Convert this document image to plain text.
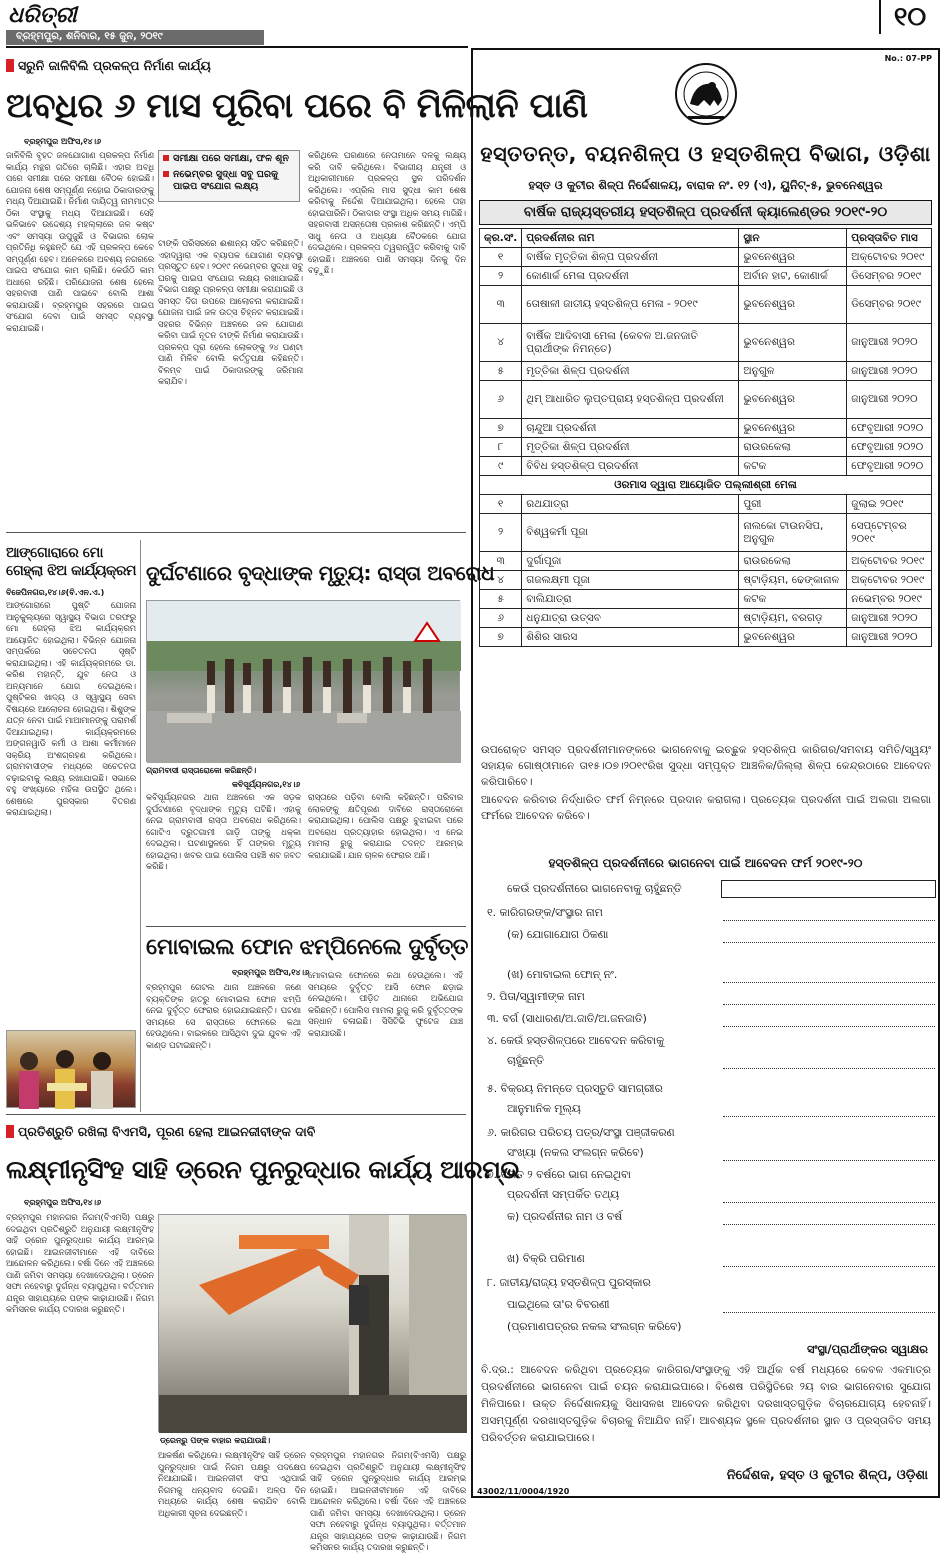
ଧରିତ୍ରୀ
ବ୍ରହ୍ମପୁର, ଶନିବାର, ୧୫ ଜୁନ, ୨୦୧୯
୧୦
ସରୁନି ଜାଳିବିଲି ପ୍ରକଳ୍ପ ନିର୍ମାଣ କାର୍ଯ୍ୟ
ଅବଧିର ୬ ମାସ ପୂରିବା ପରେ ବି ମିଳିଲାନି ପାଣି
ବ୍ରହ୍ମପୁର ଅଫିସ,୧୪।୬
ଜାଳିବିଲି ବୃହତ ଜଳଯୋଗାଣ ପ୍ରକଳ୍ପ ନିର୍ମାଣ କାର୍ଯ୍ୟ ମନ୍ଥର ଗତିରେ ଚାଲିଛି। ଏହାର ଅବଧି ପରେ ସମୀକ୍ଷା ପରେ ସମୀକ୍ଷା ବୈଠକ ହୋଇଛି। ଯୋଜନା ଶେଷ ସମ୍ପୂର୍ଣ୍ଣ ନହୋଇ ଠିକାଦାରଙ୍କୁ ମଧ୍ୟ ଦିଆଯାଇଛି। ନିର୍ମାଣ ଦାୟିତ୍ୱ ନାମମାତ୍ର ଠିକା ସଂସ୍ଥାକୁ ମଧ୍ୟ ଦିଆଯାଇଛି। ସେହି ଭଳିଭାବେ ଉଦ୍ଦେଶ୍ୟ ମହଲ୍ଲାରେ ଜଳ କଷ୍ଟ ଏବଂ ସମସ୍ୟା ଉପୁଜୁଛି ଓ ବିଭାଗର ଲୋକ ପ୍ରତିନିଧି କହୁଛନ୍ତି ଯେ ଏହି ପ୍ରକଳ୍ପ କେବେ ସମ୍ପୂର୍ଣ୍ଣ ହେବ। ଅନେକରେ ଅବଶ୍ୟ ନଗରରେ ପାଇପ ସଂଯୋଗ କାମ ଚାଲିଛି। କେଉଁଠି କାମ ଅଧାରେ ରହିଛି। ପରିଯୋଜନା ଶେଷ ହେଲେ ସହରବାସୀ ପାଣି ପାଇବେ ବୋଲି ଆଶା କରାଯାଉଛି। ବ୍ରହ୍ମପୁର ସହରରେ ପାଇପ ସଂଯୋଗ ଦେବା ପାଇଁ ସମସ୍ତ ବ୍ୟବସ୍ଥା କରାଯାଇଛି।
ସମୀକ୍ଷା ପରେ ସମୀକ୍ଷା, ଫଳ ଶୂନ
ନଭେମ୍ବର ସୁଦ୍ଧା ସବୁ ଘରକୁ ପାଇପ ସଂଯୋଗ ଲକ୍ଷ୍ୟ
ଟାଙ୍କି ପରିସରରେ ଈଶାନ୍ୟ ସହିତ କରିଛନ୍ତି। ଏହାଦ୍ୱାରା ଏକ ବ୍ୟାପକ ଯୋଗାଣ ବ୍ୟବସ୍ଥା ପ୍ରସ୍ତୁତ ହେବ। ୨୦୧୯ ନଭେମ୍ବର ସୁଦ୍ଧା ସବୁ ଘରକୁ ପାଇପ ସଂଯୋଗ ଲକ୍ଷ୍ୟ ରଖାଯାଇଛି। ବିଭାଗ ପକ୍ଷରୁ ପ୍ରକଳ୍ପ ସମୀକ୍ଷା କରାଯାଇଛି ଓ ସମସ୍ତ ଦିଗ ଉପରେ ଆଲୋଚନା କରାଯାଇଛି। ଯୋଜନା ପାଇଁ ଜଳ ଉତ୍ସ ଚିହ୍ନଟ କରାଯାଇଛି। ସହରର ବିଭିନ୍ନ ଅଞ୍ଚଳରେ ଜଳ ଯୋଗାଣ କରିବା ପାଇଁ ନୂତନ ଟାଙ୍କି ନିର୍ମାଣ କରାଯାଉଛି। ପ୍ରକଳ୍ପ ପୂରା ହେଲେ ଲୋକଙ୍କୁ ୨୪ ଘଣ୍ଟା ପାଣି ମିଳିବ ବୋଲି କର୍ତ୍ତୃପକ୍ଷ କହିଛନ୍ତି। ବିଳମ୍ବ ପାଇଁ ଠିକାଦାରଙ୍କୁ ଜରିମାନା କରାଯିବ।
କରିଥିଲେ ଘରଣାରେ ନେତାମାନେ ଦଳକୁ ଲକ୍ଷ୍ୟ କରି ଦାବି କରିଥିଲେ। ବିଭାଗୀୟ ଯନ୍ତ୍ରୀ ଓ ଅଧିକାରୀମାନେ ପ୍ରକଳ୍ପ ସ୍ଥଳ ପରିଦର୍ଶନ କରିଥିଲେ। ଏପ୍ରିଲ ମାସ ସୁଦ୍ଧା କାମ ଶେଷ କରିବାକୁ ନିର୍ଦ୍ଦେଶ ଦିଆଯାଇଥିଲା। ହେଲେ ତାହା ହୋଇପାରିନି। ଠିକାଦାର ସଂସ୍ଥା ଅଧିକ ସମୟ ମାଗିଛି। ସହରବାସୀ ଅସନ୍ତୋଷ ପ୍ରକାଶ କରିଛନ୍ତି। ଏମ୍ପି ସାଧୁ ନେତା ଓ ଅଧ୍ୟକ୍ଷ ବୈଠକରେ ଯୋଗ ଦେଇଥିଲେ। ପ୍ରକଳ୍ପ ତ୍ୱରାନ୍ୱିତ କରିବାକୁ ଦାବି ହୋଇଛି। ଅଞ୍ଚଳରେ ପାଣି ସମସ୍ୟା ଦିନକୁ ଦିନ ବଢ଼ୁଛି।
ଆଙ୍ଗୋରାରେ ମୋ ଗେହ୍ଲା ଝିଅ କାର୍ଯ୍ୟକ୍ରମ
ବିଜେପିନଗର,୧୪।୬(ବି.ଏନ.ଏ.)
ଆଙ୍ଗୋରାରେ ପୁଷ୍ଟି ଯୋଜନା ଆନୁକୁଲ୍ୟରେ ସ୍ୱାସ୍ଥ୍ୟ ବିଭାଗ ତରଫରୁ ମୋ ଗେହ୍ଲା ଝିଅ କାର୍ଯ୍ୟକ୍ରମ ଆୟୋଜିତ ହୋଇଥିଲା। ବିଭିନ୍ନ ଯୋଜନା ସମ୍ପର୍କରେ ସଚେତନତା ସୃଷ୍ଟି କରାଯାଇଥିଲା। ଏହି କାର୍ଯ୍ୟକ୍ରମରେ ଡା. କରିଶ ମହାନ୍ତି, ଯୁବ ନେତା ଓ ଅନ୍ୟମାନେ ଯୋଗ ଦେଇଥିଲେ। ପୁଷ୍ଟିକର ଖାଦ୍ୟ ଓ ସ୍ୱାସ୍ଥ୍ୟ ସେବା ବିଷୟରେ ଆଲୋଚନା ହୋଇଥିଲା। ଶିଶୁଙ୍କ ଯତ୍ନ ନେବା ପାଇଁ ମାଆମାନଙ୍କୁ ପରାମର୍ଶ ଦିଆଯାଇଥିଲା। କାର୍ଯ୍ୟକ୍ରମରେ ଅଙ୍ଗନୱାଡି କର୍ମୀ ଓ ଆଶା କର୍ମୀମାନେ ସକ୍ରିୟ ଅଂଶଗ୍ରହଣ କରିଥିଲେ। ଗ୍ରାମବାସୀଙ୍କ ମଧ୍ୟରେ ସଚେତନତା ବଢ଼ାଇବାକୁ ଲକ୍ଷ୍ୟ ରଖାଯାଇଛି। ସଭାରେ ବହୁ ସଂଖ୍ୟାରେ ମହିଳା ଉପସ୍ଥିତ ଥିଲେ। ଶେଷରେ ପୁରସ୍କାର ବିତରଣ କରାଯାଇଥିଲା।
ଦୁର୍ଘଟଣାରେ ବୃଦ୍ଧାଙ୍କ ମୃତ୍ୟୁ: ରାସ୍ତା ଅବରୋଧ
ଗ୍ରାମବାସୀ ରାସ୍ତାରୋକୋ କରିଛନ୍ତି।
କବିସୂର୍ଯ୍ୟନଗର,୧୪।୬
କବିସୂର୍ଯ୍ୟନଗର ଥାନା ଅଞ୍ଚଳରେ ଏକ ସଡ଼କ ଦୁର୍ଘଟଣାରେ ବୃଦ୍ଧାଙ୍କ ମୃତ୍ୟୁ ଘଟିଛି। ଏହାକୁ ନେଇ ଗ୍ରାମବାସୀ ରାସ୍ତା ଅବରୋଧ କରିଥିଲେ। ଗୋଟିଏ ଦ୍ରୁତଗାମୀ ଗାଡ଼ି ତାଙ୍କୁ ଧକ୍କା ଦେଇଥିଲା। ଘଟଣାସ୍ଥଳରେ ହିଁ ତାଙ୍କର ମୃତ୍ୟୁ ହୋଇଥିଲା। ଖବର ପାଇ ପୋଲିସ ପହଞ୍ଚି ଶବ ଜବତ କରିଛି।
ରାସ୍ତାରେ ପଡ଼ିବା ବୋଲି କହିଛନ୍ତି। ପରିବାର ଲୋକଙ୍କୁ କ୍ଷତିପୂରଣ ଦାବିରେ ରାସ୍ତାରୋକୋ କରାଯାଇଥିଲା। ପୋଲିସ ପକ୍ଷରୁ ବୁଝାଇବା ପରେ ଅବରୋଧ ପ୍ରତ୍ୟାହାର ହୋଇଥିଲା। ଏ ନେଇ ମାମଲା ରୁଜୁ କରାଯାଇ ତଦନ୍ତ ଆରମ୍ଭ କରାଯାଇଛି। ଯାନ ଚାଳକ ଫେରାର ଅଛି।
ମୋବାଇଲ ଫୋନ ଝମ୍ପିନେଲେ ଦୁର୍ବୃତ୍ତ
ବ୍ରହ୍ମପୁର ଅଫିସ,୧୪।୬
ବ୍ରହ୍ମପୁର ଗେଟଲ ଥାନା ଅଞ୍ଚଳରେ ଜଣେ ବ୍ୟକ୍ତିଙ୍କ ହାତରୁ ମୋବାଇଲ ଫୋନ ଝମ୍ପି ନେଇ ଦୁର୍ବୃତ୍ତ ଫେରାର ହୋଇଯାଇଛନ୍ତି। ଘଟଣା ସମୟରେ ସେ ରାସ୍ତାରେ ଫୋନରେ କଥା ହେଉଥିଲେ। ବାଇକରେ ଆସିଥିବା ଦୁଇ ଯୁବକ ଏହି କାଣ୍ଡ ଘଟାଇଛନ୍ତି।
ମୋବାଇଲ ଫୋନରେ କଥା ହେଉଥିଲେ। ଏହି ସମୟରେ ଦୁର୍ବୃତ୍ତ ଆସି ଫୋନ ଛଡ଼ାଇ ନେଇଥିଲେ। ପୀଡ଼ିତ ଥାନାରେ ଅଭିଯୋଗ କରିଛନ୍ତି। ପୋଲିସ ମାମଲା ରୁଜୁ କରି ଦୁର୍ବୃତ୍ତଙ୍କ ସନ୍ଧାନ ଚଳାଇଛି। ସିସିଟିଭି ଫୁଟେଜ ଯାଞ୍ଚ କରାଯାଉଛି।
ପ୍ରତିଶ୍ରୁତି ରଖିଲା ବିଏମସି, ପୂରଣ ହେଲା ଆଇନଜୀବୀଙ୍କ ଦାବି
ଲକ୍ଷ୍ମୀନୃସିଂହ ସାହି ଡ୍ରେନ ପୁନରୁଦ୍ଧାର କାର୍ଯ୍ୟ ଆରମ୍ଭ
ବ୍ରହ୍ମପୁର ଅଫିସ,୧୪।୬
ବ୍ରହ୍ମପୁର ମହାନଗର ନିଗମ(ବିଏମସି) ପକ୍ଷରୁ ଦେଇଥିବା ପ୍ରତିଶ୍ରୁତି ଅନୁଯାୟୀ ଲକ୍ଷ୍ମୀନୃସିଂହ ସାହି ଡ୍ରେନ ପୁନରୁଦ୍ଧାର କାର୍ଯ୍ୟ ଆରମ୍ଭ ହୋଇଛି। ଆଇନଜୀବୀମାନେ ଏହି ଦାବିରେ ଆନ୍ଦୋଳନ କରିଥିଲେ। ବର୍ଷା ଦିନେ ଏହି ଅଞ୍ଚଳରେ ପାଣି ଜମିବା ସମସ୍ୟା ଦେଖାଦେଉଥିଲା। ଡ୍ରେନ ସଫା ନହେବାରୁ ଦୁର୍ଗନ୍ଧ ବ୍ୟାପୁଥିଲା। ବର୍ତ୍ତମାନ ଯନ୍ତ୍ର ସାହାଯ୍ୟରେ ପଙ୍କ କାଢ଼ାଯାଉଛି। ନିଗମ କମିସନର କାର୍ଯ୍ୟ ତଦାରଖ କରୁଛନ୍ତି।
ଡ୍ରେନ୍ରୁ ପଙ୍କ ବାହାର କରାଯାଉଛି।
ଆକର୍ଷଣ କରିଥିଲେ। ଲକ୍ଷ୍ମୀନୃସିଂହ ସାହି ଡ୍ରେନ ପୁନରୁଦ୍ଧାର ପାଇଁ ନିଗମ ପକ୍ଷରୁ ପଦକ୍ଷେପ ନିଆଯାଇଛି। ଆଇନଜୀବୀ ସଂଘ ଏଥିପାଇଁ ନିଗମକୁ ଧନ୍ୟବାଦ ଦେଇଛି। ଅଳ୍ପ ଦିନ ମଧ୍ୟରେ କାର୍ଯ୍ୟ ଶେଷ କରାଯିବ ବୋଲି ଅଧିକାରୀ ସୂଚନା ଦେଇଛନ୍ତି।
ବ୍ରହ୍ମପୁର ମହାନଗର ନିଗମ(ବିଏମସି) ପକ୍ଷରୁ ଦେଇଥିବା ପ୍ରତିଶ୍ରୁତି ଅନୁଯାୟୀ ଲକ୍ଷ୍ମୀନୃସିଂହ ସାହି ଡ୍ରେନ ପୁନରୁଦ୍ଧାର କାର୍ଯ୍ୟ ଆରମ୍ଭ ହୋଇଛି। ଆଇନଜୀବୀମାନେ ଏହି ଦାବିରେ ଆନ୍ଦୋଳନ କରିଥିଲେ। ବର୍ଷା ଦିନେ ଏହି ଅଞ୍ଚଳରେ ପାଣି ଜମିବା ସମସ୍ୟା ଦେଖାଦେଉଥିଲା। ଡ୍ରେନ ସଫା ନହେବାରୁ ଦୁର୍ଗନ୍ଧ ବ୍ୟାପୁଥିଲା। ବର୍ତ୍ତମାନ ଯନ୍ତ୍ର ସାହାଯ୍ୟରେ ପଙ୍କ କାଢ଼ାଯାଉଛି। ନିଗମ କମିସନର କାର୍ଯ୍ୟ ତଦାରଖ କରୁଛନ୍ତି।
No.: 07-PP
ହସ୍ତତନ୍ତ, ବୟନଶିଳ୍ପ ଓ ହସ୍ତଶିଳ୍ପ ବିଭାଗ, ଓଡ଼ିଶା
ହସ୍ତ ଓ କୁଟୀର ଶିଳ୍ପ ନିର୍ଦ୍ଦେଶାଳୟ, ବାରାକ ନଂ. ୧୨ (ଏ), ୟୁନିଟ୍-୫, ଭୁବନେଶ୍ୱର
ବାର୍ଷିକ ରାଜ୍ୟସ୍ତରୀୟ ହସ୍ତଶିଳ୍ପ ପ୍ରଦର୍ଶନୀ କ୍ୟାଲେଣ୍ଡର ୨୦୧୯-୨୦
କ୍ର.ସଂ.	ପ୍ରଦର୍ଶନୀର ନାମ	ସ୍ଥାନ	ପ୍ରସ୍ତାବିତ ମାସ
୧	ବାର୍ଷିକ ମୃତ୍ତିକା ଶିଳ୍ପ ପ୍ରଦର୍ଶନୀ	ଭୁବନେଶ୍ୱର	ଅକ୍ଟୋବର ୨୦୧୯
୨	କୋଣାର୍କ ମେଳା ପ୍ରଦର୍ଶନୀ	ଅର୍ବାନ ହାଟ, କୋଣାର୍କ	ଡିସେମ୍ବର ୨୦୧୯
୩	ତୋଷାଳୀ ଜାତୀୟ ହସ୍ତଶିଳ୍ପ ମେଳା - ୨୦୧୯	ଭୁବନେଶ୍ୱର	ଡିସେମ୍ବର ୨୦୧୯
୪	ବାର୍ଷିକ ଆଦିବାସୀ ମେଳା (କେବଳ ଅ.ଜନଜାତି ପ୍ରାର୍ଥୀଙ୍କ ନିମନ୍ତେ)	ଭୁବନେଶ୍ୱର	ଜାନୁଆରୀ ୨୦୨୦
୫	ମୃତ୍ତିକା ଶିଳ୍ପ ପ୍ରଦର୍ଶନୀ	ଅନୁଗୁଳ	ଜାନୁଆରୀ ୨୦୨୦
୬	ଥିମ୍ ଆଧାରିତ ଲୁପ୍ତପ୍ରାୟ ହସ୍ତଶିଳ୍ପ ପ୍ରଦର୍ଶନୀ	ଭୁବନେଶ୍ୱର	ଜାନୁଆରୀ ୨୦୨୦
୭	ଚାନ୍ଦୁଆ ପ୍ରଦର୍ଶନୀ	ଭୁବନେଶ୍ୱର	ଫେବୃଆରୀ ୨୦୨୦
୮	ମୃତ୍ତିକା ଶିଳ୍ପ ପ୍ରଦର୍ଶନୀ	ରାଉରକେଲା	ଫେବୃଆରୀ ୨୦୨୦
୯	ବିବିଧ ହସ୍ତଶିଳ୍ପ ପ୍ରଦର୍ଶନୀ	କଟକ	ଫେବୃଆରୀ ୨୦୨୦
ଓରମାସ ଦ୍ୱାରା ଆୟୋଜିତ ପଲ୍ଲୀଶ୍ରୀ ମେଳା			
୧	ରଥଯାତ୍ରା	ପୁରୀ	ଜୁଲାଇ ୨୦୧୯
୨	ବିଶ୍ୱକର୍ମା ପୂଜା	ନାଲକୋ ଟାଉନସିପ, ଅନୁଗୁଳ	ସେପ୍ଟେମ୍ବର ୨୦୧୯
୩	ଦୁର୍ଗାପୂଜା	ରାଉରକେଲା	ଅକ୍ଟୋବର ୨୦୧୯
୪	ଗଜଲକ୍ଷ୍ମୀ ପୂଜା	ଷ୍ଟାଡ଼ିୟମ, ଢେଙ୍କାନାଳ	ଅକ୍ଟୋବର ୨୦୧୯
୫	ବାଲିଯାତ୍ରା	କଟକ	ନଭେମ୍ବର ୨୦୧୯
୬	ଧନୁଯାତ୍ରା ଉତ୍ସବ	ଷ୍ଟାଡ଼ିୟମ, ବରଗଡ଼	ଜାନୁଆରୀ ୨୦୨୦
୭	ଶିଶିର ସାରସ	ଭୁବନେଶ୍ୱର	ଜାନୁଆରୀ ୨୦୨୦
ଉପରୋକ୍ତ ସମସ୍ତ ପ୍ରଦର୍ଶନୀମାନଙ୍କରେ ଭାଗନେବାକୁ ଇଚ୍ଛୁକ ହସ୍ତଶିଳ୍ପ କାରିଗର/ସମବାୟ ସମିତି/ସ୍ୱୟଂ ସହାୟକ ଗୋଷ୍ଠୀମାନେ ତା୧୫।୦୭।୨୦୧୯ରିଖ ସୁଦ୍ଧା ସମ୍ପୃକ୍ତ ଆଞ୍ଚଳିକ/ଜିଲ୍ଲା ଶିଳ୍ପ କେନ୍ଦ୍ରଠାରେ ଆବେଦନ କରିପାରିବେ।
ଆବେଦନ କରିବାର ନିର୍ଦ୍ଧାରିତ ଫର୍ମ ନିମ୍ନରେ ପ୍ରଦାନ କରାଗଲା। ପ୍ରତ୍ୟେକ ପ୍ରଦର୍ଶନୀ ପାଇଁ ଅଲଗା ଅଲଗା ଫର୍ମରେ ଆବେଦନ କରିବେ।
ହସ୍ତଶିଳ୍ପ ପ୍ରଦର୍ଶନୀରେ ଭାଗନେବା ପାଇଁ ଆବେଦନ ଫର୍ମ ୨୦୧୯-୨୦
କେଉଁ ପ୍ରଦର୍ଶନୀରେ ଭାଗନେବାକୁ ଚାହୁଁଛନ୍ତି
୧. କାରିଗରଙ୍କ/ସଂସ୍ଥାର ନାମ
(କ) ଯୋଗାଯୋଗ ଠିକଣା
(ଖ) ମୋବାଇଲ ଫୋନ୍ ନଂ.
୨. ପିତା/ସ୍ୱାମୀଙ୍କ ନାମ
୩. ବର୍ଗ (ସାଧାରଣ/ଅ.ଜାତି/ଅ.ଜନଜାତି)
୪. କେଉଁ ହସ୍ତଶିଳ୍ପରେ ଆବେଦନ କରିବାକୁ
ଚାହୁଁଛନ୍ତି
୫. ବିକ୍ରୟ ନିମନ୍ତେ ପ୍ରସ୍ତୁତି ସାମଗ୍ରୀର
ଆନୁମାନିକ ମୂଲ୍ୟ
୬. କାରିଗର ପରିଚୟ ପତ୍ର/ସଂସ୍ଥା ପଞ୍ଜୀକରଣ
ସଂଖ୍ୟା (ନକଲ ସଂଲଗ୍ନ କରିବେ)
୭. ବିଗତ ୨ ବର୍ଷରେ ଭାଗ ନେଇଥିବା
ପ୍ରଦର୍ଶନୀ ସମ୍ପର୍କିତ ତଥ୍ୟ
କ) ପ୍ରଦର୍ଶନୀର ନାମ ଓ ବର୍ଷ
ଖ) ବିକ୍ରି ପରିମାଣ
୮. ଜାତୀୟ/ରାଜ୍ୟ ହସ୍ତଶିଳ୍ପ ପୁରସ୍କାର
ପାଇଥିଲେ ତା'ର ବିବରଣୀ
(ପ୍ରମାଣପତ୍ରର ନକଲ ସଂଲଗ୍ନ କରିବେ)
ସଂସ୍ଥା/ପ୍ରାର୍ଥୀଙ୍କର ସ୍ୱାକ୍ଷର
ବି.ଦ୍ର.: ଆବେଦନ କରିଥିବା ପ୍ରତ୍ୟେକ କାରିଗର/ସଂସ୍ଥାଙ୍କୁ ଏହି ଆର୍ଥିକ ବର୍ଷ ମଧ୍ୟରେ କେବଳ ଏକମାତ୍ର ପ୍ରଦର୍ଶନୀରେ ଭାଗନେବା ପାଇଁ ଚୟନ କରାଯାଇପାରେ। ବିଶେଷ ପରିସ୍ଥିତିରେ ୨ୟ ବାର ଭାଗନେବାର ସୁଯୋଗ ମିଳିପାରେ। ଉକ୍ତ ନିର୍ଦ୍ଦେଶାଳୟକୁ ସିଧାସଳଖ ଆବେଦନ କରିଥିବା ଦରଖାସ୍ତଗୁଡ଼ିକ ବିଚାରଯୋଗ୍ୟ ହେବନାହିଁ। ଅସମ୍ପୂର୍ଣ୍ଣ ଦରଖାସ୍ତଗୁଡ଼ିକ ବିଚାରକୁ ନିଆଯିବ ନାହିଁ। ଆବଶ୍ୟକ ସ୍ଥଳେ ପ୍ରଦର୍ଶନୀର ସ୍ଥାନ ଓ ପ୍ରସ୍ତାବିତ ସମୟ ପରିବର୍ତ୍ତନ କରାଯାଇପାରେ।
ନିର୍ଦ୍ଦେଶକ, ହସ୍ତ ଓ କୁଟୀର ଶିଳ୍ପ, ଓଡ଼ିଶା
43002/11/0004/1920
